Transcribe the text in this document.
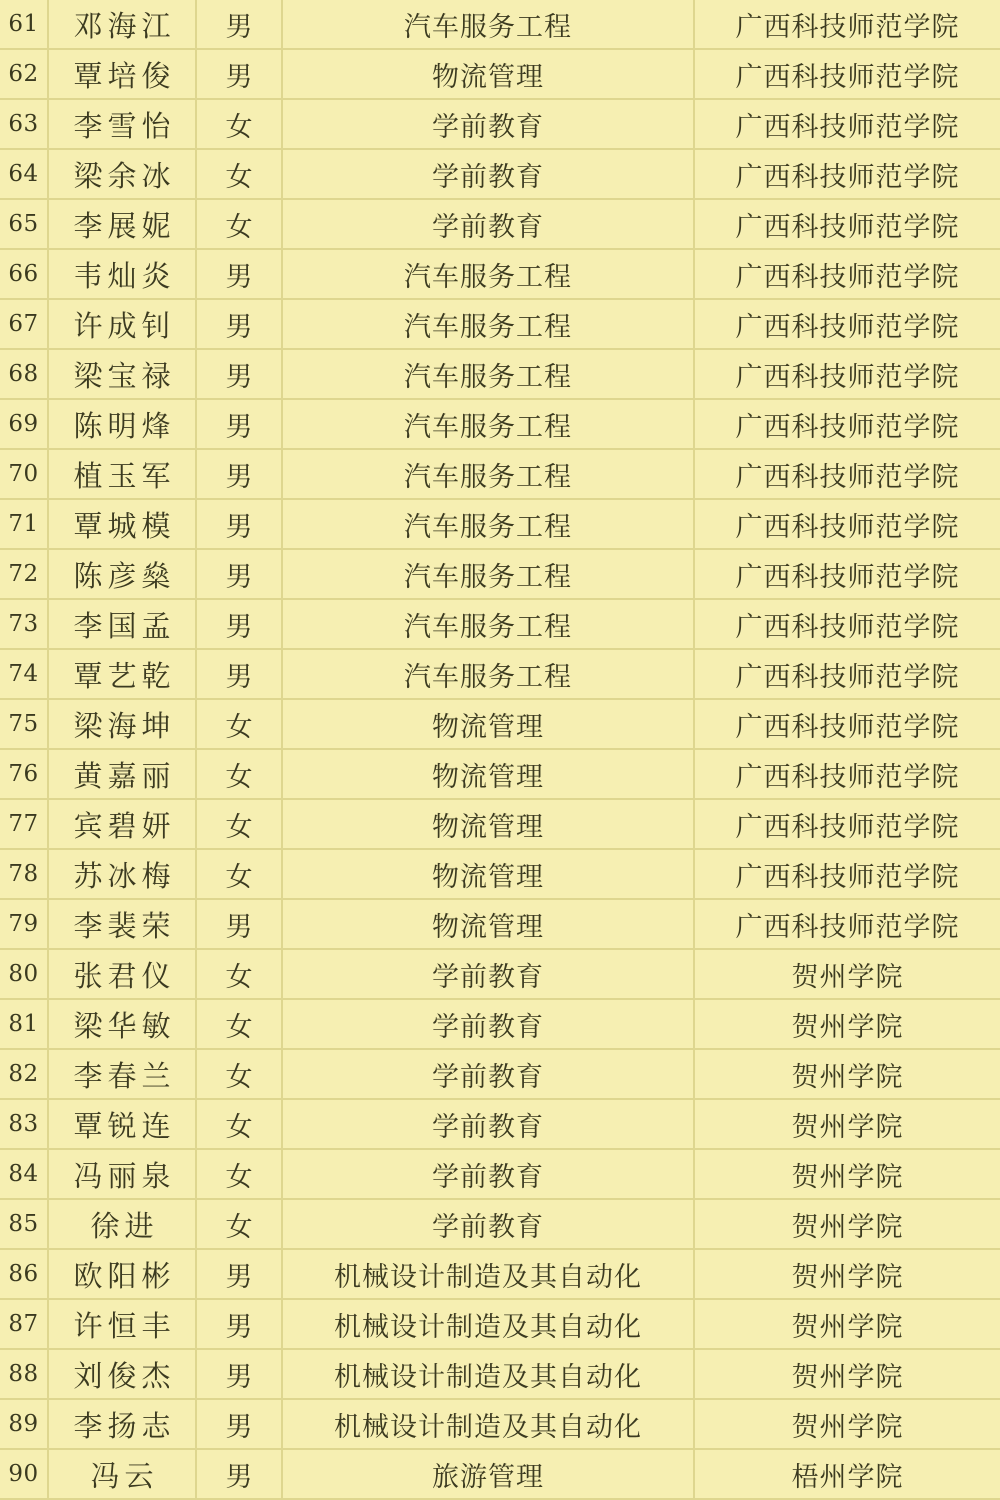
61	邓海江	男	汽车服务工程	广西科技师范学院
62	覃培俊	男	物流管理	广西科技师范学院
63	李雪怡	女	学前教育	广西科技师范学院
64	梁余冰	女	学前教育	广西科技师范学院
65	李展妮	女	学前教育	广西科技师范学院
66	韦灿炎	男	汽车服务工程	广西科技师范学院
67	许成钊	男	汽车服务工程	广西科技师范学院
68	梁宝禄	男	汽车服务工程	广西科技师范学院
69	陈明烽	男	汽车服务工程	广西科技师范学院
70	植玉军	男	汽车服务工程	广西科技师范学院
71	覃城模	男	汽车服务工程	广西科技师范学院
72	陈彦燊	男	汽车服务工程	广西科技师范学院
73	李国孟	男	汽车服务工程	广西科技师范学院
74	覃艺乾	男	汽车服务工程	广西科技师范学院
75	梁海坤	女	物流管理	广西科技师范学院
76	黄嘉丽	女	物流管理	广西科技师范学院
77	宾碧妍	女	物流管理	广西科技师范学院
78	苏冰梅	女	物流管理	广西科技师范学院
79	李裴荣	男	物流管理	广西科技师范学院
80	张君仪	女	学前教育	贺州学院
81	梁华敏	女	学前教育	贺州学院
82	李春兰	女	学前教育	贺州学院
83	覃锐连	女	学前教育	贺州学院
84	冯丽泉	女	学前教育	贺州学院
85	徐进	女	学前教育	贺州学院
86	欧阳彬	男	机械设计制造及其自动化	贺州学院
87	许恒丰	男	机械设计制造及其自动化	贺州学院
88	刘俊杰	男	机械设计制造及其自动化	贺州学院
89	李扬志	男	机械设计制造及其自动化	贺州学院
90	冯云	男	旅游管理	梧州学院
